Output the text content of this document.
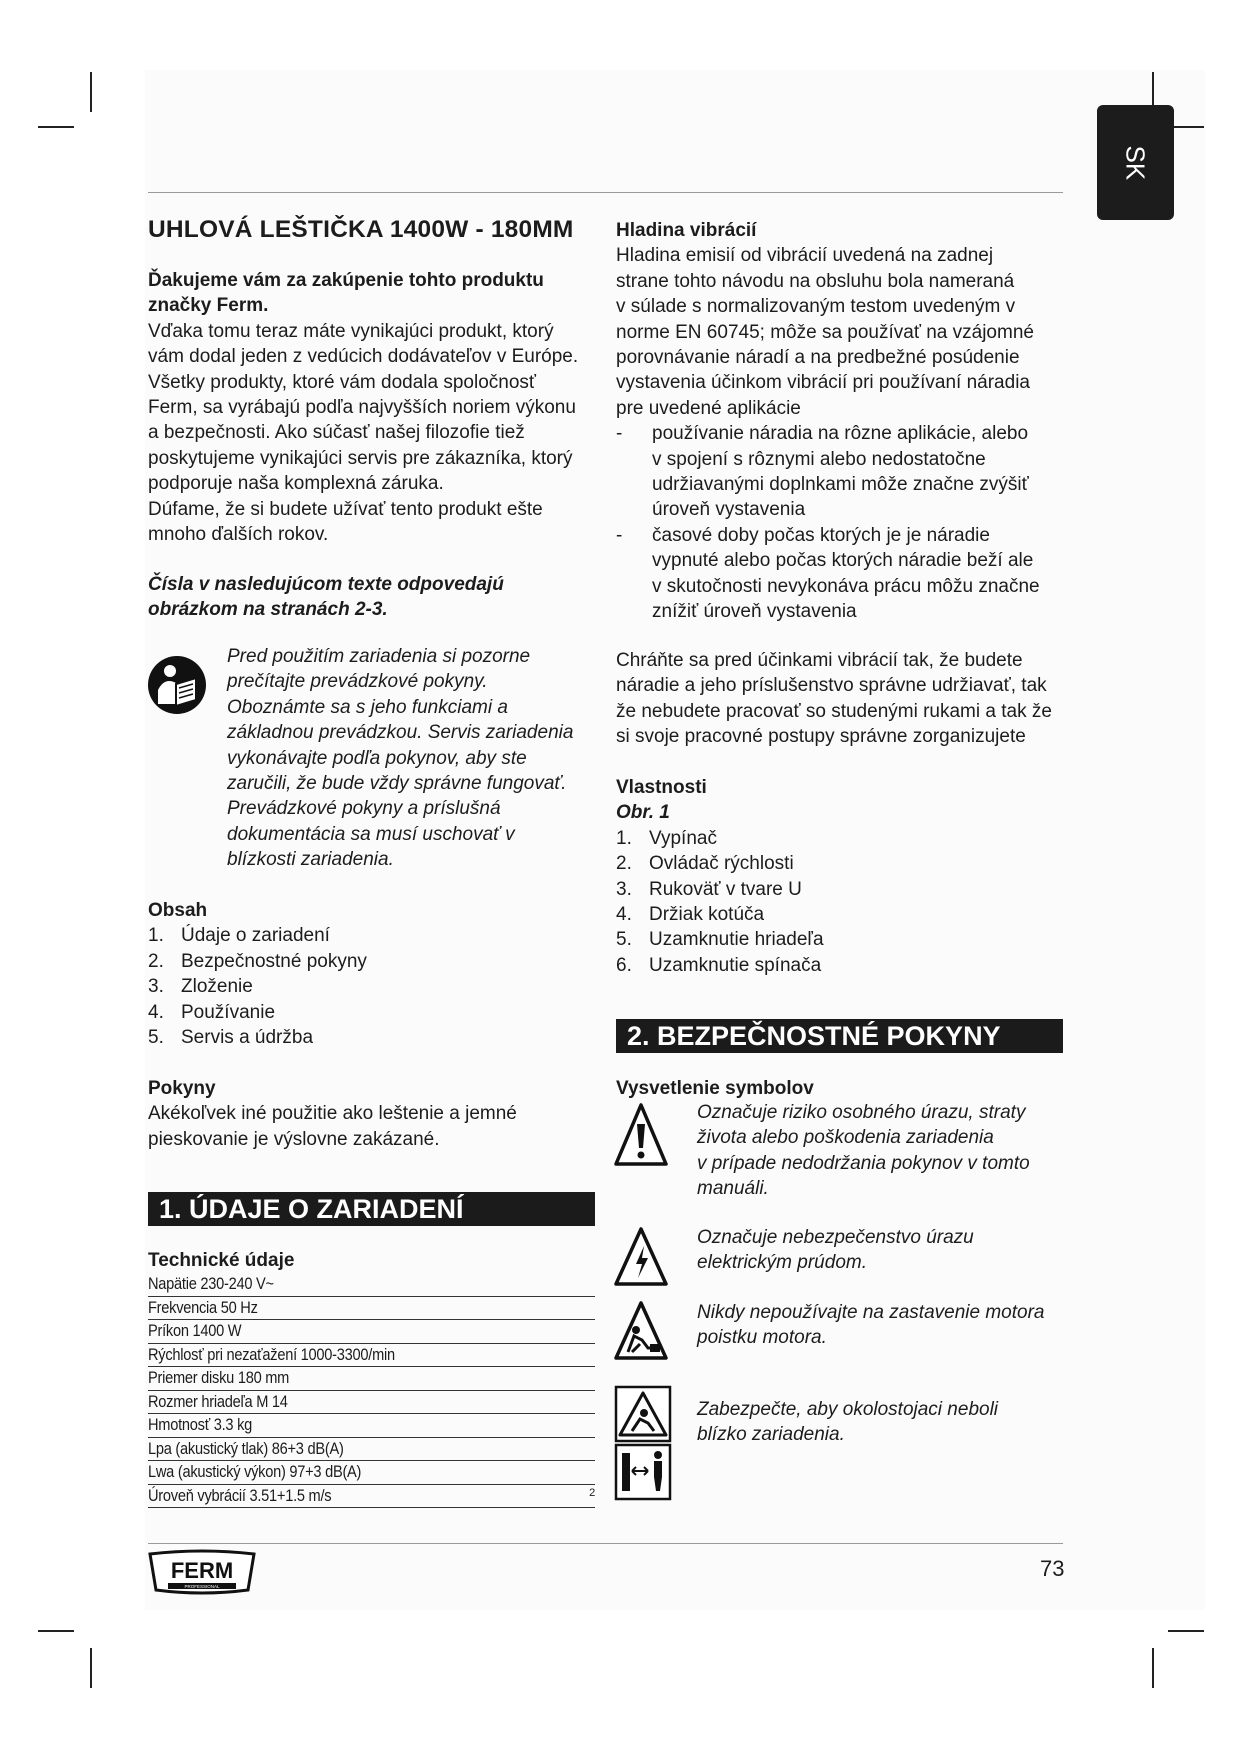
SK
UHLOVÁ LEŠTIČKA 1400W - 180MM

Ďakujeme vám za zakúpenie tohto produktu

značky Ferm.

Vďaka tomu teraz máte vynikajúci produkt, ktorý

vám dodal jeden z vedúcich dodávateľov v Európe.

Všetky produkty, ktoré vám dodala spoločnosť

Ferm, sa vyrábajú podľa najvyšších noriem výkonu

a bezpečnosti. Ako súčasť našej filozofie tiež

poskytujeme vynikajúci servis pre zákazníka, ktorý

podporuje naša komplexná záruka.

Dúfame, že si budete užívať tento produkt ešte

mnoho ďalších rokov.

Čísla v nasledujúcom texte odpovedajú

obrázkom na stranách 2-3.

Pred použitím zariadenia si pozorne

prečítajte prevádzkové pokyny.

Oboznámte sa s jeho funkciami a

základnou prevádzkou. Servis zariadenia

vykonávajte podľa pokynov, aby ste

zaručili, že bude vždy správne fungovať.

Prevádzkové pokyny a príslušná

dokumentácia sa musí uschovať v

blízkosti zariadenia.

Obsah

1. Údaje o zariadení
2. Bezpečnostné pokyny
3. Zloženie
4. Používanie
5. Servis a údržba

Pokyny

Akékoľvek iné použitie ako leštenie a jemné

pieskovanie je výslovne zakázané.

1. ÚDAJE O ZARIADENÍ
Technické údaje
Napätie 230-240 V~
Frekvencia 50 Hz
Príkon 1400 W
Rýchlosť pri nezaťažení 1000-3300/min
Priemer disku 180 mm
Rozmer hriadeľa M 14
Hmotnosť 3.3 kg
Lpa (akustický tlak) 86+3 dB(A)
Lwa (akustický výkon) 97+3 dB(A)
Úroveň vybrácií 3.51+1.5 m/s	2

Hladina vibrácií

Hladina emisií od vibrácií uvedená na zadnej

strane tohto návodu na obsluhu bola nameraná

v súlade s normalizovaným testom uvedeným v

norme EN 60745; môže sa používať na vzájomné

porovnávanie náradí a na predbežné posúdenie

vystavenia účinkom vibrácií pri používaní náradia

pre uvedené aplikácie

-	používanie náradia na rôzne aplikácie, alebo

v spojení s rôznymi alebo nedostatočne

udržiavanými doplnkami môže značne zvýšiť

úroveň vystavenia

-	časové doby počas ktorých je je náradie

vypnuté alebo počas ktorých náradie beží ale

v skutočnosti nevykonáva prácu môžu značne

znížiť úroveň vystavenia

Chráňte sa pred účinkami vibrácií tak, že budete

náradie a jeho príslušenstvo správne udržiavať, tak

že nebudete pracovať so studenými rukami a tak že

si svoje pracovné postupy správne zorganizujete

Vlastnosti

Obr. 1

1. Vypínač
2. Ovládač rýchlosti
3. Rukoväť v tvare U
4. Držiak kotúča
5. Uzamknutie hriadeľa
6. Uzamknutie spínača
2. BEZPEČNOSTNÉ POKYNY
Vysvetlenie symbolov

Označuje riziko osobného úrazu, straty

života alebo poškodenia zariadenia

v prípade nedodržania pokynov v tomto

manuáli.

Označuje nebezpečenstvo úrazu

elektrickým prúdom.

Nikdy nepoužívajte na zastavenie motora

poistku motora.

Zabezpečte, aby okolostojaci neboli

blízko zariadenia.

FERM
PROFESSIONAL
73
